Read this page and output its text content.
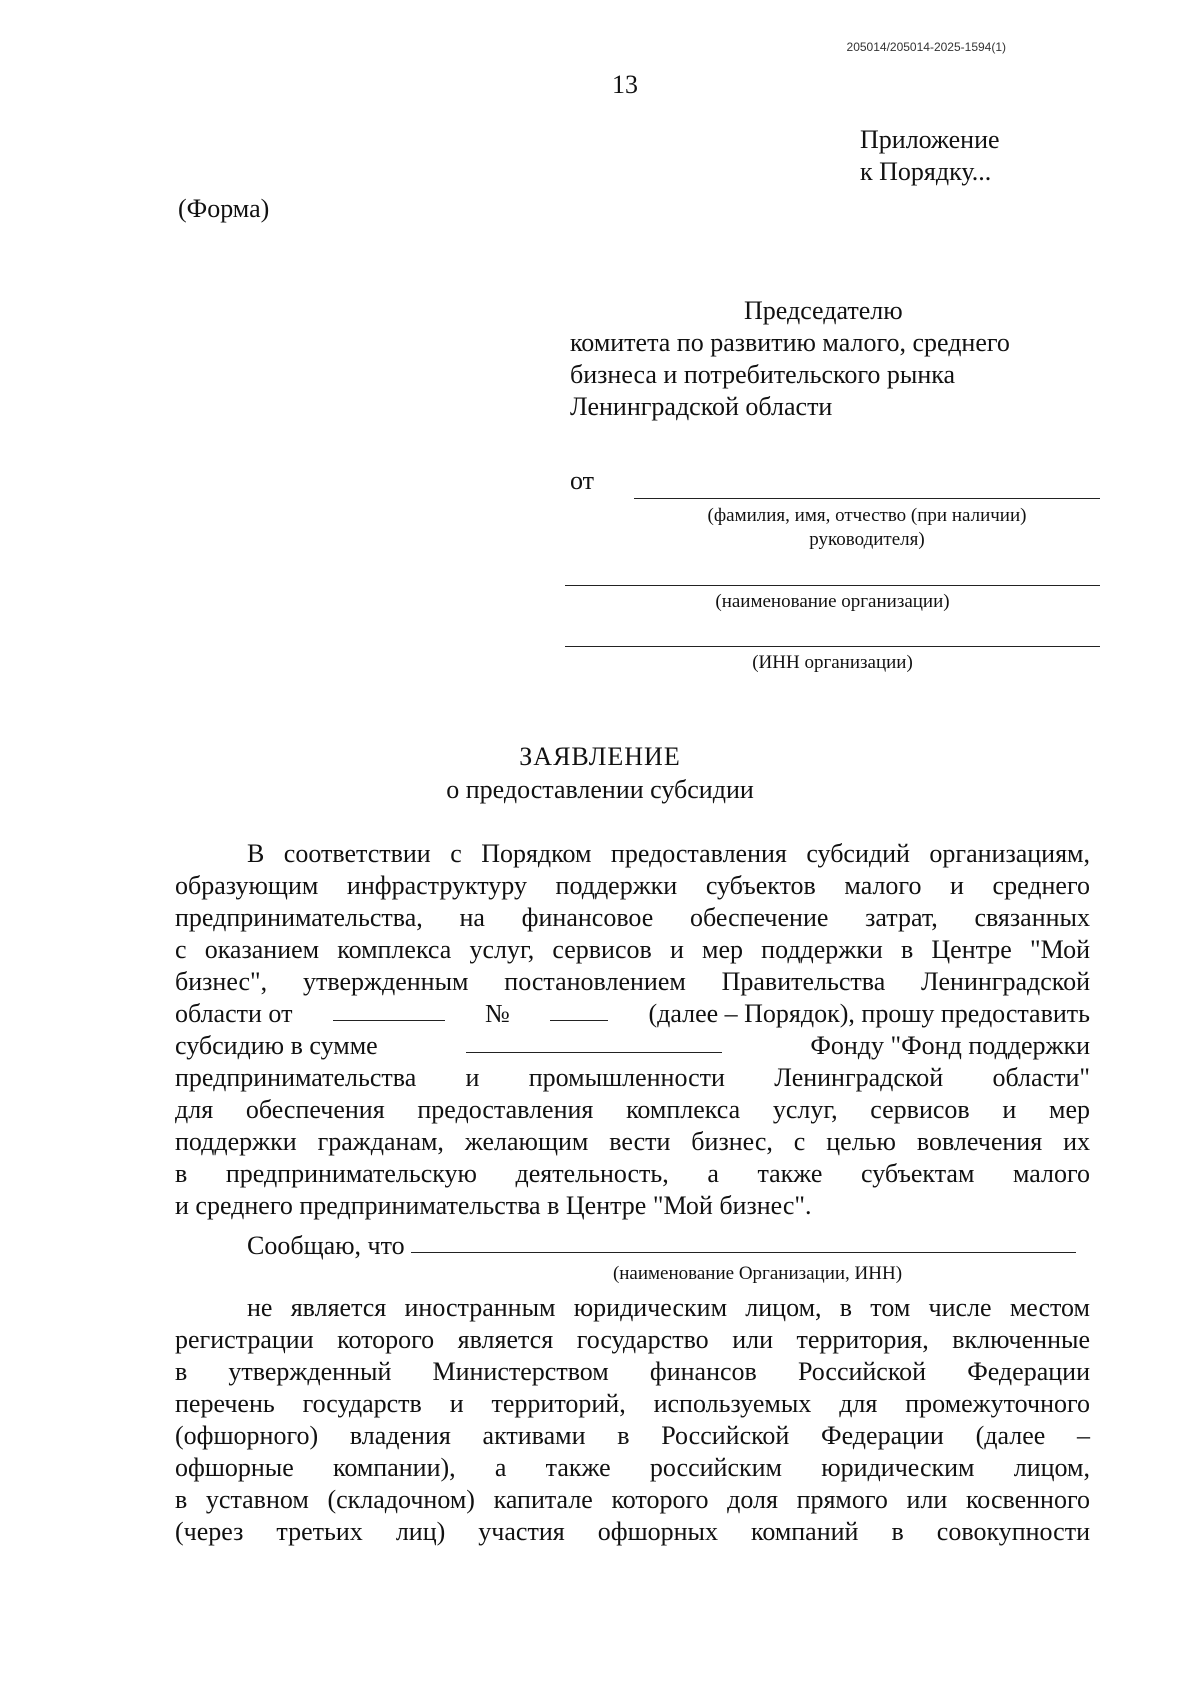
205014/205014-2025-1594(1)
13
Приложение
к Порядку...
(Форма)
Председателю
комитета по развитию малого, среднего
бизнеса и потребительского рынка
Ленинградской области
от
(фамилия, имя, отчество (при наличии)
руководителя)
(наименование организации)
(ИНН организации)
ЗАЯВЛЕНИЕ
о предоставлении субсидии
В соответствии с Порядком предоставления субсидий организациям,
образующим инфраструктуру поддержки субъектов малого и среднего
предпринимательства, на финансовое обеспечение затрат, связанных
с оказанием комплекса услуг, сервисов и мер поддержки в Центре "Мой
бизнес", утвержденным постановлением Правительства Ленинградской
области от	№	(далее – Порядок), прошу предоставить
субсидию в сумме	Фонду "Фонд поддержки
предпринимательства и промышленности Ленинградской области"
для обеспечения предоставления комплекса услуг, сервисов и мер
поддержки гражданам, желающим вести бизнес, с целью вовлечения их
в предпринимательскую деятельность, а также субъектам малого
и среднего предпринимательства в Центре "Мой бизнес".
Сообщаю, что
(наименование Организации, ИНН)
не является иностранным юридическим лицом, в том числе местом
регистрации которого является государство или территория, включенные
в утвержденный Министерством финансов Российской Федерации
перечень государств и территорий, используемых для промежуточного
(офшорного) владения активами в Российской Федерации (далее –
офшорные компании), а также российским юридическим лицом,
в уставном (складочном) капитале которого доля прямого или косвенного
(через третьих лиц) участия офшорных компаний в совокупности
